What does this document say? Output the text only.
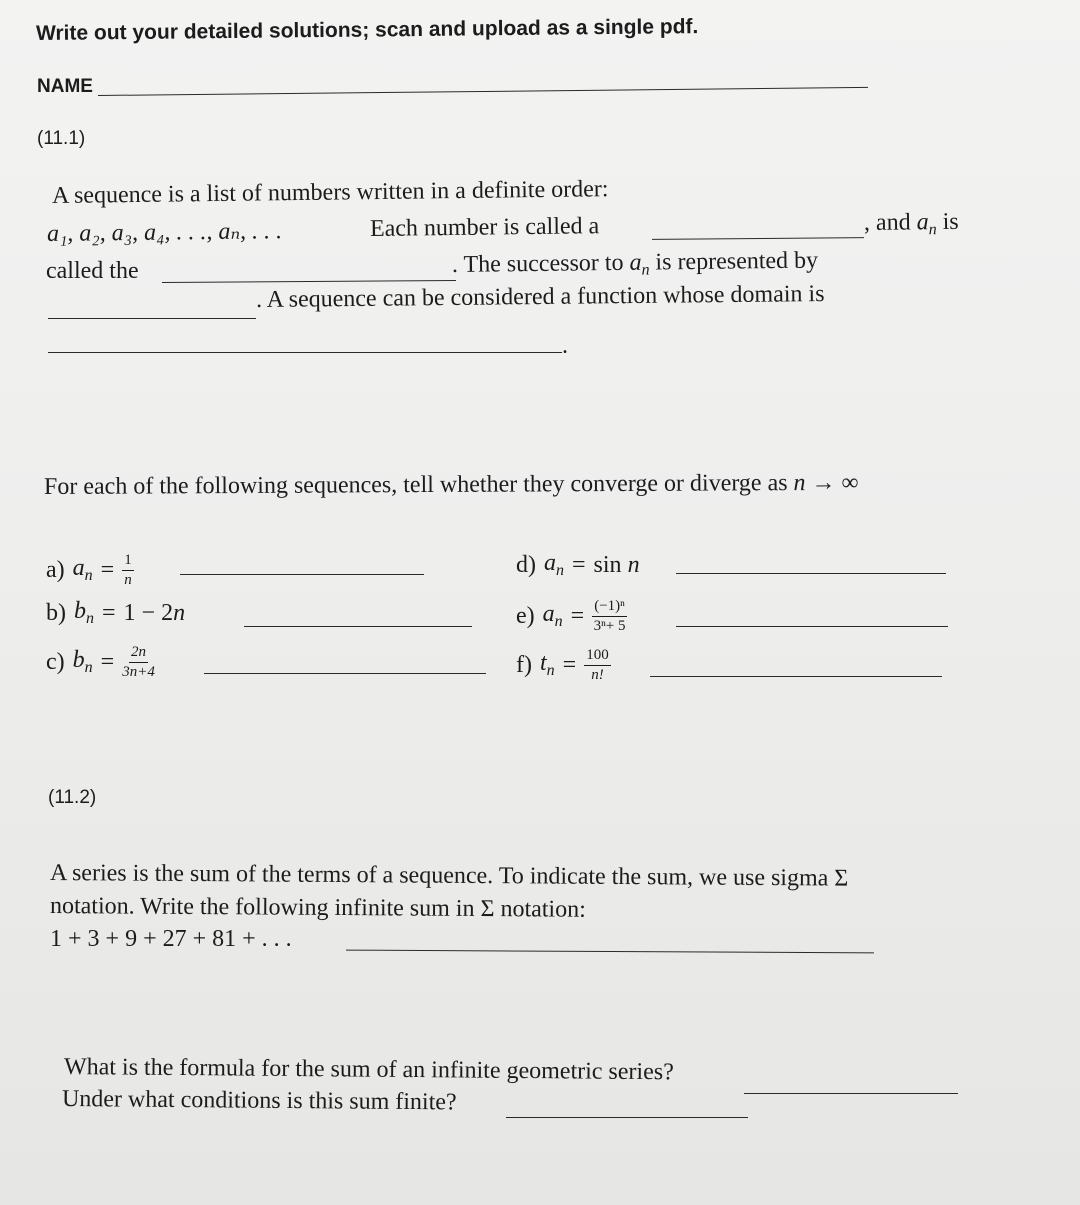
Write out your detailed solutions; scan and upload as a single pdf.
NAME
(11.1)
A sequence is a list of numbers written in a definite order:
a₁, a₂, a₃, a₄, . . ., aₙ, . . .	Each number is called a	, and $a_n$ is
called the	. The successor to $a_n$ is represented by
. A sequence can be considered a function whose domain is
.
For each of the following sequences, tell whether they converge or diverge as n → ∞
a) $a_n = \frac{1}{n}$
b) $b_n = 1 - 2n$
c) $b_n = \frac{2n}{3n+4}$
d) $a_n = \sin n$
e) $a_n = \frac{\text{(−1)ⁿ}}{\text{3ⁿ+ 5}}$
f) $t_n = \frac{100}{n!}$
(11.2)
A series is the sum of the terms of a sequence. To indicate the sum, we use sigma Σ
notation. Write the following infinite sum in Σ notation:
1 + 3 + 9 + 27 + 81 + . . .
What is the formula for the sum of an infinite geometric series?
Under what conditions is this sum finite?
